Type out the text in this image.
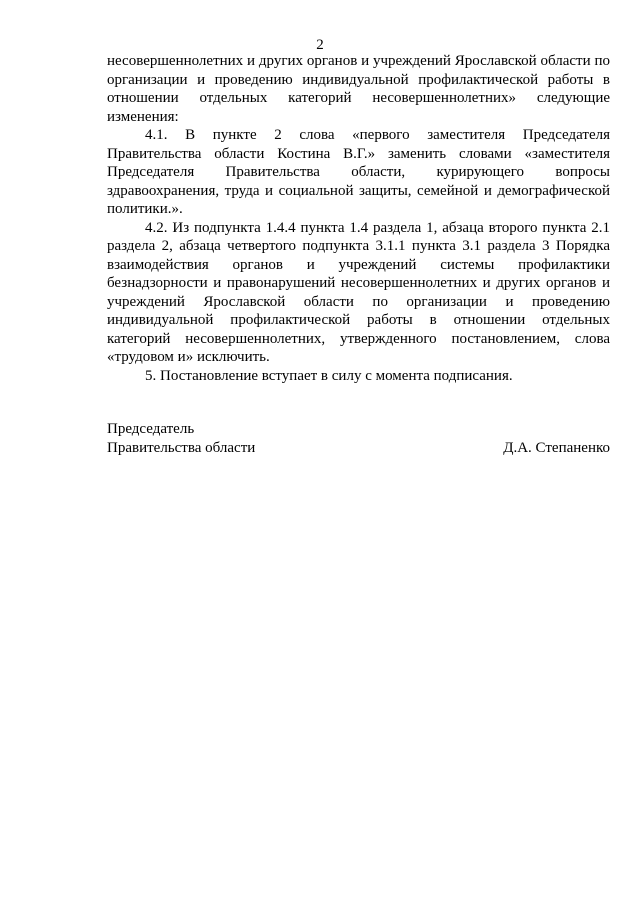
2

несовершеннолетних и других органов и учреждений Ярославской области по организации и проведению индивидуальной профилактической работы в отношении отдельных категорий несовершеннолетних» следующие изменения:

4.1. В пункте 2 слова «первого заместителя Председателя Правительства области Костина В.Г.» заменить словами «заместителя Председателя Правительства области, курирующего вопросы здравоохранения, труда и социальной защиты, семейной и демографической политики.».

4.2. Из подпункта 1.4.4 пункта 1.4 раздела 1, абзаца второго пункта 2.1 раздела 2, абзаца четвертого подпункта 3.1.1 пункта 3.1 раздела 3 Порядка взаимодействия органов и учреждений системы профилактики безнадзорности и правонарушений несовершеннолетних и других органов и учреждений Ярославской области по организации и проведению индивидуальной профилактической работы в отношении отдельных категорий несовершеннолетних, утвержденного постановлением, слова «трудовом и» исключить.

5. Постановление вступает в силу с момента подписания.

Председатель
Правительства области	Д.А. Степаненко
